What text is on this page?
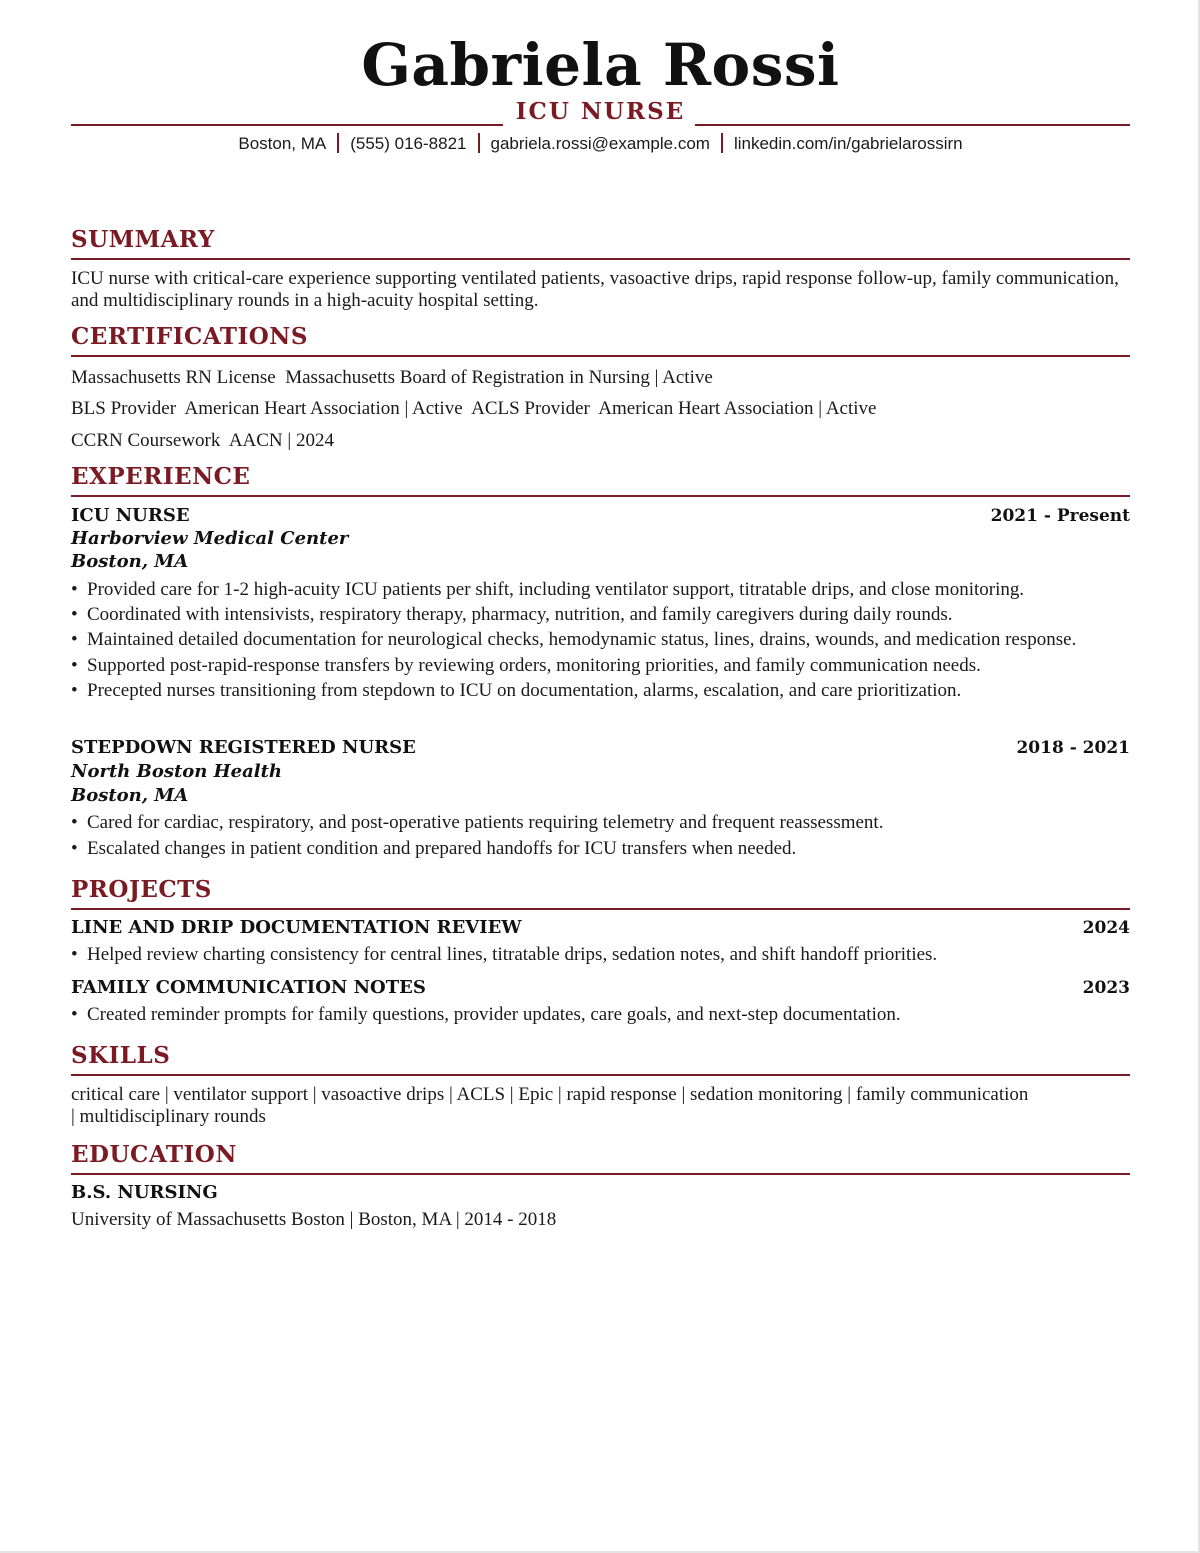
Gabriela Rossi
ICU NURSE
Boston, MA (555) 016-8821 gabriela.rossi@example.com linkedin.com/in/gabrielarossirn
SUMMARY
ICU nurse with critical-care experience supporting ventilated patients, vasoactive drips, rapid response follow-up, family communication, and multidisciplinary rounds in a high-acuity hospital setting.
CERTIFICATIONS
Massachusetts RN License  Massachusetts Board of Registration in Nursing | Active
BLS Provider  American Heart Association | Active  ACLS Provider  American Heart Association | Active
CCRN Coursework  AACN | 2024
EXPERIENCE
ICU NURSE	2021 - Present
Harborview Medical Center
Boston, MA
• Provided care for 1-2 high-acuity ICU patients per shift, including ventilator support, titratable drips, and close monitoring.
• Coordinated with intensivists, respiratory therapy, pharmacy, nutrition, and family caregivers during daily rounds.
• Maintained detailed documentation for neurological checks, hemodynamic status, lines, drains, wounds, and medication response.
• Supported post-rapid-response transfers by reviewing orders, monitoring priorities, and family communication needs.
• Precepted nurses transitioning from stepdown to ICU on documentation, alarms, escalation, and care prioritization.
STEPDOWN REGISTERED NURSE	2018 - 2021
North Boston Health
Boston, MA
• Cared for cardiac, respiratory, and post-operative patients requiring telemetry and frequent reassessment.
• Escalated changes in patient condition and prepared handoffs for ICU transfers when needed.
PROJECTS
LINE AND DRIP DOCUMENTATION REVIEW	2024
• Helped review charting consistency for central lines, titratable drips, sedation notes, and shift handoff priorities.
FAMILY COMMUNICATION NOTES	2023
• Created reminder prompts for family questions, provider updates, care goals, and next-step documentation.
SKILLS
critical care | ventilator support | vasoactive drips | ACLS | Epic | rapid response | sedation monitoring | family communication | multidisciplinary rounds
EDUCATION
B.S. NURSING
University of Massachusetts Boston | Boston, MA | 2014 - 2018
